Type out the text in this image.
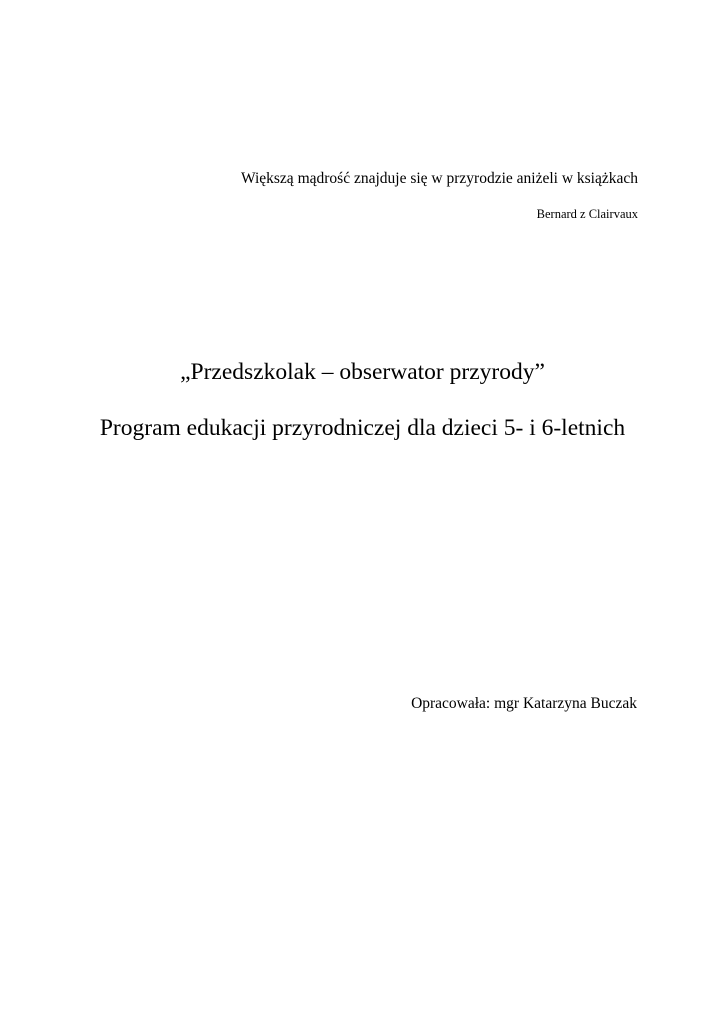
Większą mądrość znajduje się w przyrodzie aniżeli w książkach
Bernard z Clairvaux
„Przedszkolak – obserwator przyrody”
Program edukacji przyrodniczej dla dzieci 5- i 6-letnich
Opracowała: mgr Katarzyna Buczak
